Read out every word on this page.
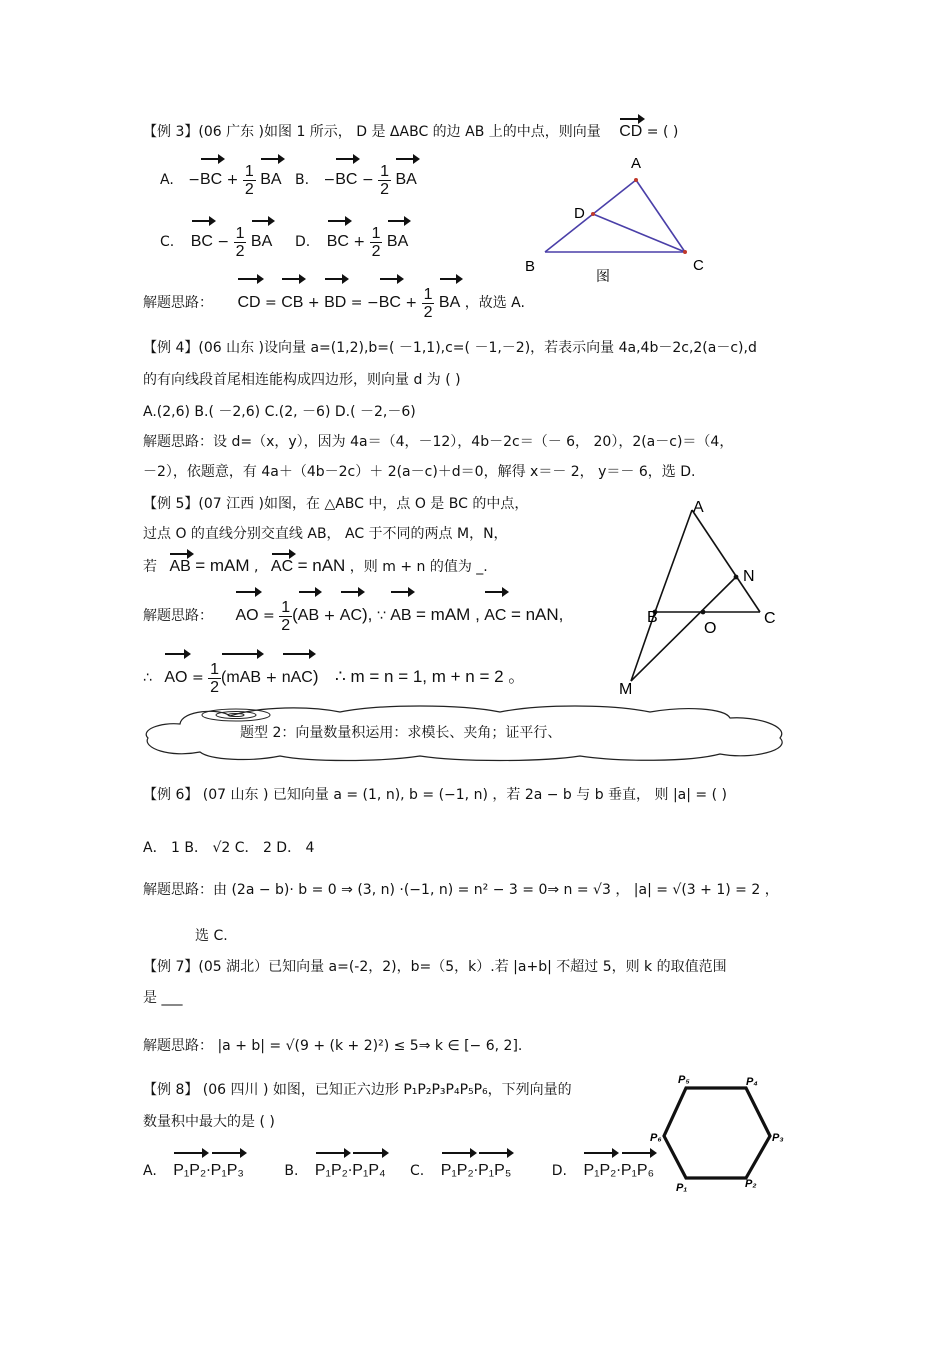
【例 3】(06 广东 )如图 1 所示， D 是 ΔABC 的边 AB 上的中点，则向量 CD = ( )
A. $-BC + \frac{1}{2}$ BA B. $-BC - \frac{1}{2}$ BA
C. BC − $\frac{1}{2}$ BA D. BC + $\frac{1}{2}$ BA
A
D
B	C
图
解题思路： CD = CB + BD = $-BC + \frac{1}{2}$ BA ，故选 A.
【例 4】(06 山东 )设向量 a=(1,2),b=( －1,1),c=( －1,－2)，若表示向量 4a,4b－2c,2(a－c),d
的有向线段首尾相连能构成四边形，则向量 d 为 ( )
A.(2,6) B.( －2,6) C.(2, －6) D.( －2,－6)
解题思路：设 d=（x，y），因为 4a＝（4，－12），4b－2c＝（－ 6， 20），2(a－c)＝（4，
－2），依题意，有 4a＋（4b－2c）＋ 2(a－c)＋d＝0，解得 x＝－ 2， y＝－ 6，选 D.
【例 5】(07 江西 )如图，在 △ABC 中，点 O 是 BC 的中点，
过点 O 的直线分别交直线 AB， AC 于不同的两点 M，N，
若 AB = mAM , AC = nAN ，则 m + n 的值为 _.
解题思路： AO = $\frac{1}{2} (AB + AC)$, ∵ AB = mAM , AC = nAN,
∴ AO = $\frac{1}{2} (mAB + nAC)$ ∴ m = n = 1, m + n = 2 。
A
N
B
O
C
M
题型 2：向量数量积运用：求模长、夹角；证平行、
【例 6】 (07 山东 ) 已知向量 a = (1, n), b = (−1, n) ，若 2a − b 与 b 垂直， 则 |a| = ( )
A． 1 B． √2 C． 2 D． 4
解题思路：由 (2a − b)· b = 0 ⇒ (3, n) ·(−1, n) = n² − 3 = 0⇒ n = √3 ， |a| = √(3 + 1) = 2 ，
选 C.
【例 7】(05 湖北）已知向量 a=(-2，2)，b=（5，k）.若 |a+b| 不超过 5，则 k 的取值范围
是 ___
解题思路： |a + b| = √(9 + (k + 2)²) ≤ 5⇒ k ∈ [− 6, 2].
【例 8】 (06 四川 ) 如图，已知正六边形 P₁P₂P₃P₄P₅P₆，下列向量的
数量积中最大的是 ( )
A. P₁P₂·P₁P₃	B. P₁P₂·P₁P₄ C. P₁P₂·P₁P₅	D. P₁P₂·P₁P₆
P₅	P₄
P₆	P₃
P₁	P₂
